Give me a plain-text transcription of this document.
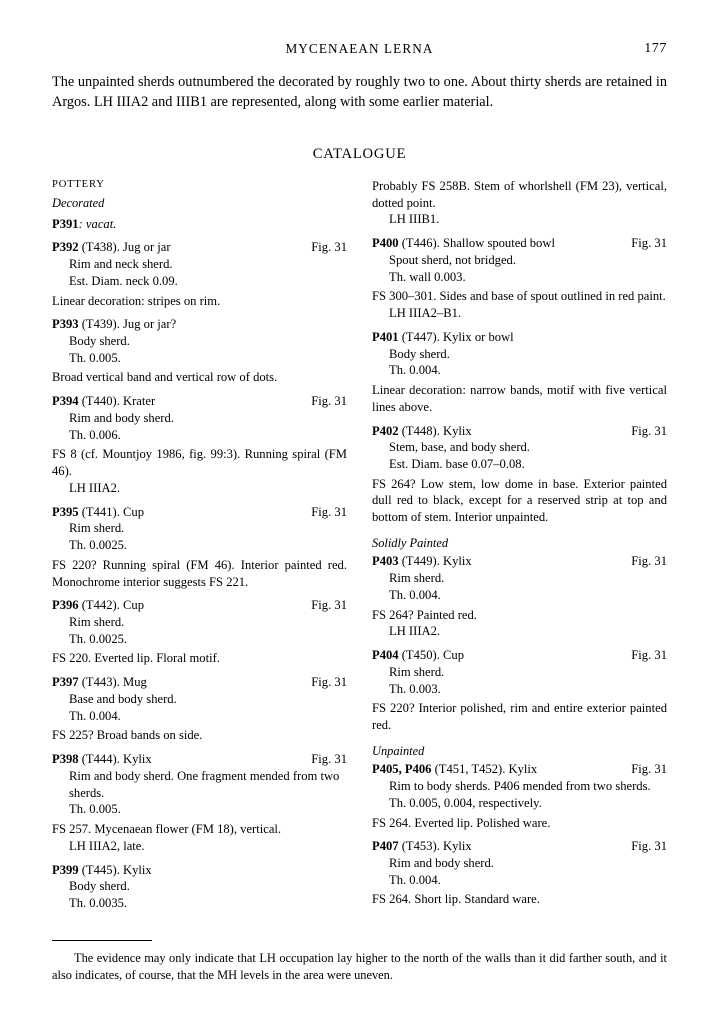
MYCENAEAN LERNA	177
The unpainted sherds outnumbered the decorated by roughly two to one. About thirty sherds are retained in Argos. LH IIIA2 and IIIB1 are represented, along with some earlier material.
CATALOGUE
POTTERY
Decorated
P391: vacat.
P392 (T438). Jug or jar	Fig. 31
Rim and neck sherd.
Est. Diam. neck 0.09.
Linear decoration: stripes on rim.
P393 (T439). Jug or jar?
Body sherd.
Th. 0.005.
Broad vertical band and vertical row of dots.
P394 (T440). Krater	Fig. 31
Rim and body sherd.
Th. 0.006.
FS 8 (cf. Mountjoy 1986, fig. 99:3). Running spiral (FM 46).
LH IIIA2.
P395 (T441). Cup	Fig. 31
Rim sherd.
Th. 0.0025.
FS 220? Running spiral (FM 46). Interior painted red. Monochrome interior suggests FS 221.
P396 (T442). Cup	Fig. 31
Rim sherd.
Th. 0.0025.
FS 220. Everted lip. Floral motif.
P397 (T443). Mug	Fig. 31
Base and body sherd.
Th. 0.004.
FS 225? Broad bands on side.
P398 (T444). Kylix	Fig. 31
Rim and body sherd. One fragment mended from two sherds.
Th. 0.005.
FS 257. Mycenaean flower (FM 18), vertical.
LH IIIA2, late.
P399 (T445). Kylix
Body sherd.
Th. 0.0035.
Probably FS 258B. Stem of whorlshell (FM 23), vertical, dotted point.
LH IIIB1.
P400 (T446). Shallow spouted bowl	Fig. 31
Spout sherd, not bridged.
Th. wall 0.003.
FS 300–301. Sides and base of spout outlined in red paint.
LH IIIA2–B1.
P401 (T447). Kylix or bowl
Body sherd.
Th. 0.004.
Linear decoration: narrow bands, motif with five vertical lines above.
P402 (T448). Kylix	Fig. 31
Stem, base, and body sherd.
Est. Diam. base 0.07–0.08.
FS 264? Low stem, low dome in base. Exterior painted dull red to black, except for a reserved strip at top and bottom of stem. Interior unpainted.
Solidly Painted
P403 (T449). Kylix	Fig. 31
Rim sherd.
Th. 0.004.
FS 264? Painted red.
LH IIIA2.
P404 (T450). Cup	Fig. 31
Rim sherd.
Th. 0.003.
FS 220? Interior polished, rim and entire exterior painted red.
Unpainted
P405, P406 (T451, T452). Kylix	Fig. 31
Rim to body sherds. P406 mended from two sherds.
Th. 0.005, 0.004, respectively.
FS 264. Everted lip. Polished ware.
P407 (T453). Kylix	Fig. 31
Rim and body sherd.
Th. 0.004.
FS 264. Short lip. Standard ware.
The evidence may only indicate that LH occupation lay higher to the north of the walls than it did farther south, and it also indicates, of course, that the MH levels in the area were uneven.
